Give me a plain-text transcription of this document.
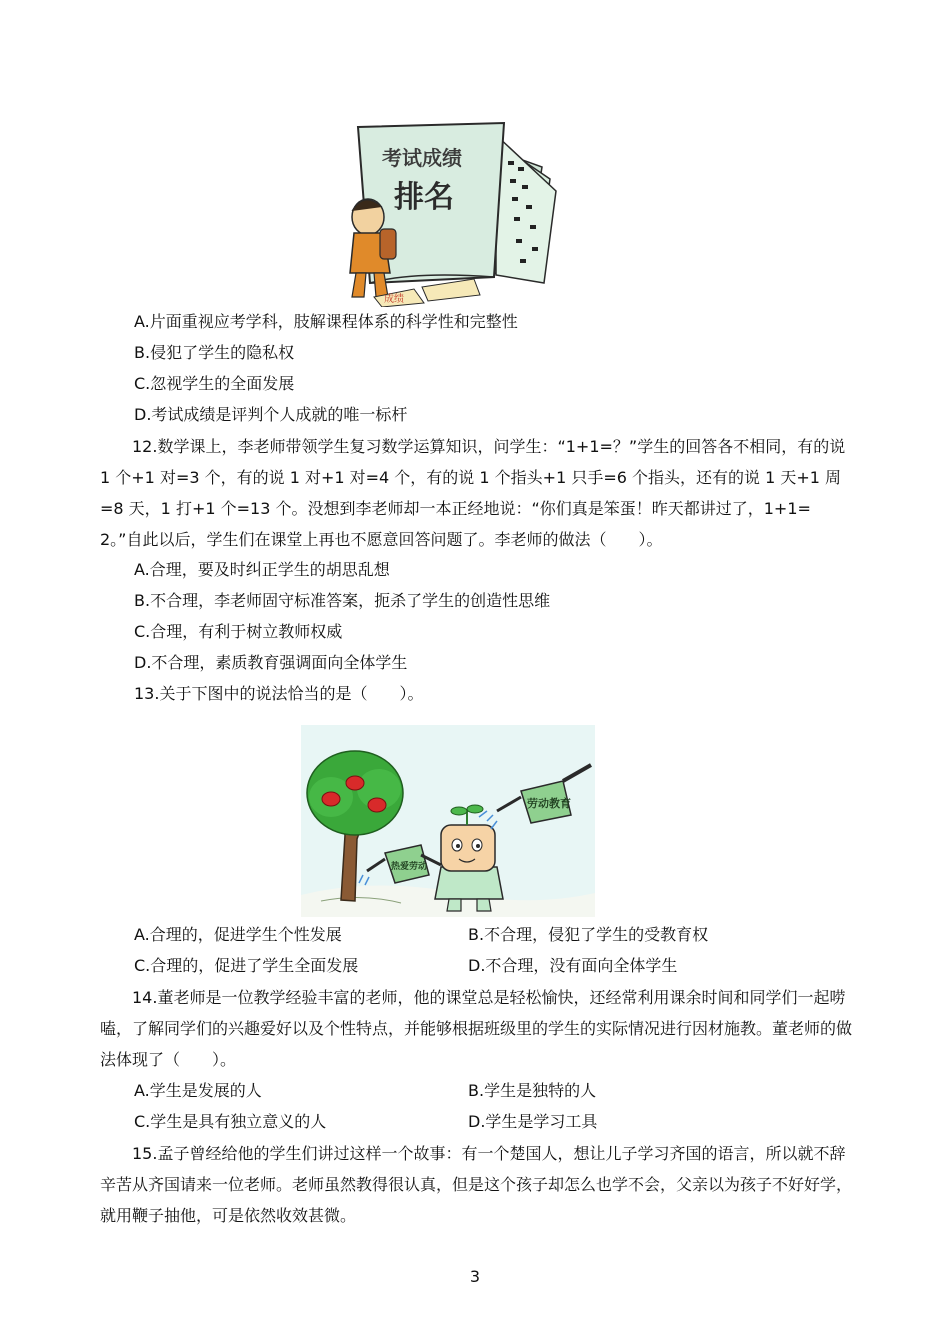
考试成绩
排名
成绩
A.片面重视应考学科，肢解课程体系的科学性和完整性
B.侵犯了学生的隐私权
C.忽视学生的全面发展
D.考试成绩是评判个人成就的唯一标杆
12.数学课上，李老师带领学生复习数学运算知识，问学生：“1+1=？”学生的回答各不相同，有的说 1 个+1 对=3 个，有的说 1 对+1 对=4 个，有的说 1 个指头+1 只手=6 个指头，还有的说 1 天+1 周=8 天，1 打+1 个=13 个。没想到李老师却一本正经地说：“你们真是笨蛋！昨天都讲过了，1+1=2。”自此以后，学生们在课堂上再也不愿意回答问题了。李老师的做法（　　）。
A.合理，要及时纠正学生的胡思乱想
B.不合理，李老师固守标准答案，扼杀了学生的创造性思维
C.合理，有利于树立教师权威
D.不合理，素质教育强调面向全体学生
13.关于下图中的说法恰当的是（　　）。
劳动教育
热爱劳动
A.合理的，促进学生个性发展	B.不合理，侵犯了学生的受教育权
C.合理的，促进了学生全面发展	D.不合理，没有面向全体学生
14.董老师是一位教学经验丰富的老师，他的课堂总是轻松愉快，还经常利用课余时间和同学们一起唠嗑，了解同学们的兴趣爱好以及个性特点，并能够根据班级里的学生的实际情况进行因材施教。董老师的做法体现了（　　）。
A.学生是发展的人	B.学生是独特的人
C.学生是具有独立意义的人	D.学生是学习工具
15.孟子曾经给他的学生们讲过这样一个故事：有一个楚国人，想让儿子学习齐国的语言，所以就不辞辛苦从齐国请来一位老师。老师虽然教得很认真，但是这个孩子却怎么也学不会，父亲以为孩子不好好学，就用鞭子抽他，可是依然收效甚微。
3
